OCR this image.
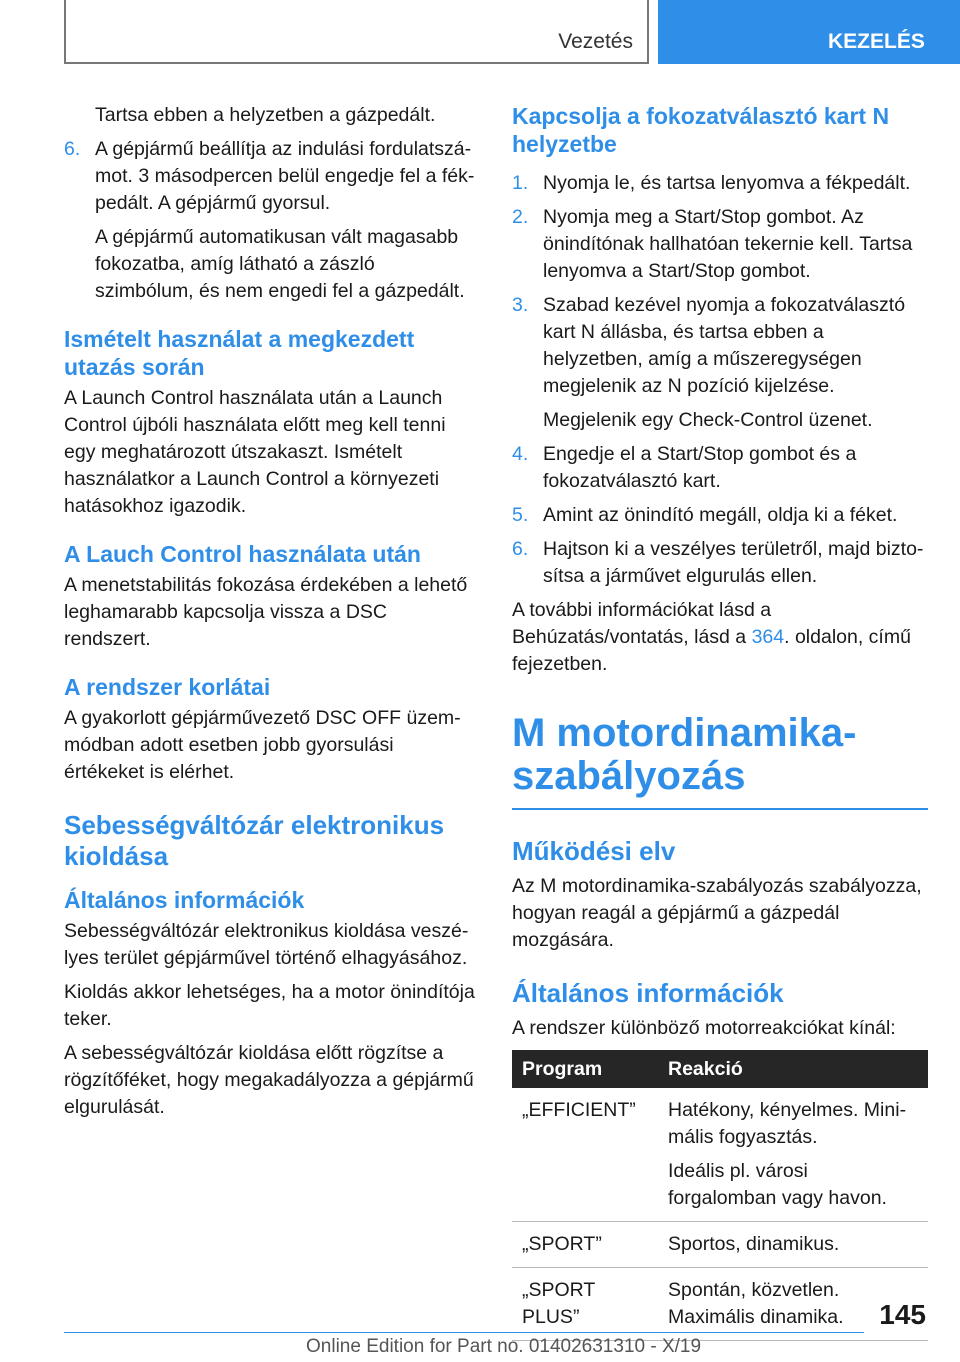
Vezetés	KEZELÉS

Tartsa ebben a helyzetben a gázpedált.

6. A gépjármű beállítja az indulási fordulatszámot. 3 másodpercen belül engedje fel a fékpedált. A gépjármű gyorsul.

A gépjármű automatikusan vált magasabb fokozatba, amíg látható a zászló szimbólum, és nem engedi fel a gázpedált.

Ismételt használat a megkezdett utazás során

A Launch Control használata után a Launch Control újbóli használata előtt meg kell tenni egy meghatározott útszakaszt. Ismételt használatkor a Launch Control a környezeti hatásokhoz igazodik.

A Lauch Control használata után

A menetstabilitás fokozása érdekében a lehető leghamarabb kapcsolja vissza a DSC rendszert.

A rendszer korlátai

A gyakorlott gépjárművezető DSC OFF üzemmódban adott esetben jobb gyorsulási értékeket is elérhet.

Sebességváltózár elektronikus kioldása
Általános információk

Sebességváltózár elektronikus kioldása veszélyes terület gépjárművel történő elhagyásához.

Kioldás akkor lehetséges, ha a motor önindítója teker.

A sebességváltózár kioldása előtt rögzítse a rögzítőféket, hogy megakadályozza a gépjármű elgurulását.

Kapcsolja a fokozatválasztó kart N helyzetbe
1. Nyomja le, és tartsa lenyomva a fékpedált.
2. Nyomja meg a Start/Stop gombot. Az önindítónak hallhatóan tekernie kell. Tartsa lenyomva a Start/Stop gombot.
3. Szabad kezével nyomja a fokozatválasztó kart N állásba, és tartsa ebben a helyzetben, amíg a műszeregységen megjelenik az N pozíció kijelzése.

Megjelenik egy Check-Control üzenet.

4. Engedje el a Start/Stop gombot és a fokozatválasztó kart.
5. Amint az önindító megáll, oldja ki a féket.
6. Hajtson ki a veszélyes területről, majd biztosítsa a járművet elgurulás ellen.

A további információkat lásd a Behúzatás/vontatás, lásd a 364. oldalon, című fejezetben.

M motordinamika-szabályozás
Működési elv

Az M motordinamika-szabályozás szabályozza, hogyan reagál a gépjármű a gázpedál mozgására.

Általános információk

A rendszer különböző motorreakciókat kínál:

Program	Reakció
„EFFICIENT”	Hatékony, kényelmes. Minimális fogyasztás.

Ideális pl. városi forgalomban vagy havon.

„SPORT”	Sportos, dinamikus.
„SPORT PLUS”	Spontán, közvetlen. Maximális dinamika. 145
Online Edition for Part no. 01402631310 - X/19
